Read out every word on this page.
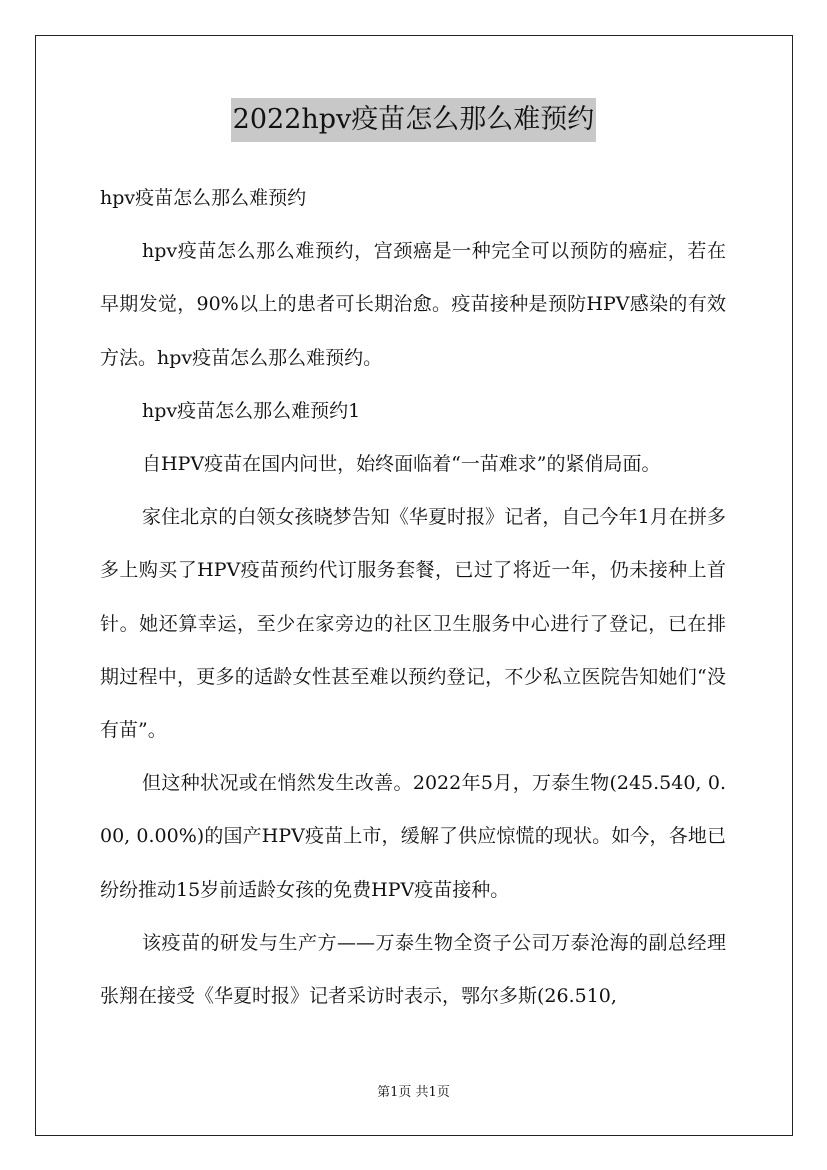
2022hpv疫苗怎么那么难预约

hpv疫苗怎么那么难预约

hpv疫苗怎么那么难预约，宫颈癌是一种完全可以预防的癌症，若在早期发觉，90%以上的患者可长期治愈。疫苗接种是预防HPV感染的有效方法。hpv疫苗怎么那么难预约。

hpv疫苗怎么那么难预约1

自HPV疫苗在国内问世，始终面临着“一苗难求”的紧俏局面。

家住北京的白领女孩晓梦告知《华夏时报》记者，自己今年1月在拼多多上购买了HPV疫苗预约代订服务套餐，已过了将近一年，仍未接种上首针。她还算幸运，至少在家旁边的社区卫生服务中心进行了登记，已在排期过程中，更多的适龄女性甚至难以预约登记，不少私立医院告知她们“没有苗”。

但这种状况或在悄然发生改善。2022年5月，万泰生物(245.540, 0.00, 0.00%)的国产HPV疫苗上市，缓解了供应惊慌的现状。如今，各地已纷纷推动15岁前适龄女孩的免费HPV疫苗接种。

该疫苗的研发与生产方——万泰生物全资子公司万泰沧海的副总经理张翔在接受《华夏时报》记者采访时表示，鄂尔多斯(26.510,

第1页 共1页
